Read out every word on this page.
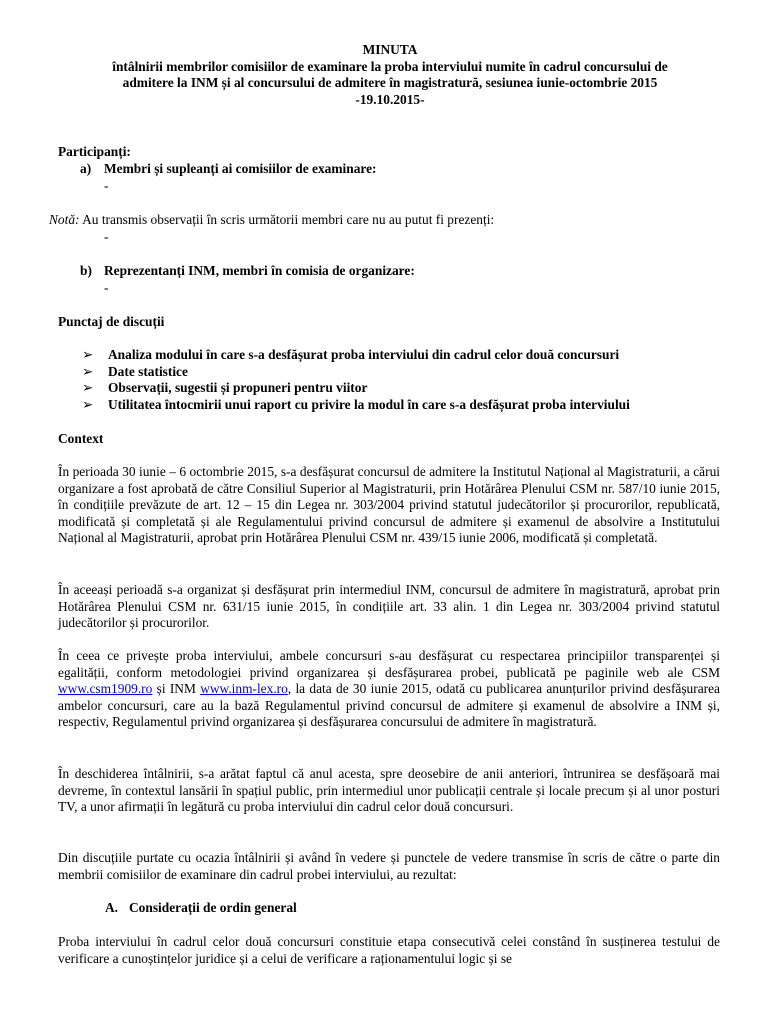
MINUTA
întâlnirii membrilor comisiilor de examinare la proba interviului numite în cadrul concursului de
admitere la INM și al concursului de admitere în magistratură, sesiunea iunie-octombrie 2015
-19.10.2015-
Participanți:
a) Membri și supleanți ai comisiilor de examinare:
-
Notă: Au transmis observații în scris următorii membri care nu au putut fi prezenți:
-
b) Reprezentanți INM, membri în comisia de organizare:
-
Punctaj de discuții
➢ Analiza modului în care s-a desfășurat proba interviului din cadrul celor două concursuri
➢ Date statistice
➢ Observații, sugestii și propuneri pentru viitor
➢ Utilitatea întocmirii unui raport cu privire la modul în care s-a desfășurat proba interviului
Context
În perioada 30 iunie – 6 octombrie 2015, s-a desfășurat concursul de admitere la Institutul Național al Magistraturii, a cărui organizare a fost aprobată de către Consiliul Superior al Magistraturii, prin Hotărârea Plenului CSM nr. 587/10 iunie 2015, în condițiile prevăzute de art. 12 – 15 din Legea nr. 303/2004 privind statutul judecătorilor și procurorilor, republicată, modificată și completată și ale Regulamentului privind concursul de admitere și examenul de absolvire a Institutului Național al Magistraturii, aprobat prin Hotărârea Plenului CSM nr. 439/15 iunie 2006, modificată și completată.
În aceeași perioadă s-a organizat și desfășurat prin intermediul INM, concursul de admitere în magistratură, aprobat prin Hotărârea Plenului CSM nr. 631/15 iunie 2015, în condițiile art. 33 alin. 1 din Legea nr. 303/2004 privind statutul judecătorilor și procurorilor.
În ceea ce privește proba interviului, ambele concursuri s-au desfășurat cu respectarea principiilor transparenței și egalității, conform metodologiei privind organizarea și desfășurarea probei, publicată pe paginile web ale CSM www.csm1909.ro și INM www.inm-lex.ro, la data de 30 iunie 2015, odată cu publicarea anunțurilor privind desfășurarea ambelor concursuri, care au la bază Regulamentul privind concursul de admitere și examenul de absolvire a INM și, respectiv, Regulamentul privind organizarea și desfășurarea concursului de admitere în magistratură.
În deschiderea întâlnirii, s-a arătat faptul că anul acesta, spre deosebire de anii anteriori, întrunirea se desfășoară mai devreme, în contextul lansării în spațiul public, prin intermediul unor publicații centrale și locale precum și al unor posturi TV, a unor afirmații în legătură cu proba interviului din cadrul celor două concursuri.
Din discuțiile purtate cu ocazia întâlnirii și având în vedere și punctele de vedere transmise în scris de către o parte din membrii comisiilor de examinare din cadrul probei interviului, au rezultat:
A. Considerații de ordin general
Proba interviului în cadrul celor două concursuri constituie etapa consecutivă celei constând în susținerea testului de verificare a cunoștințelor juridice și a celui de verificare a raționamentului logic și se
